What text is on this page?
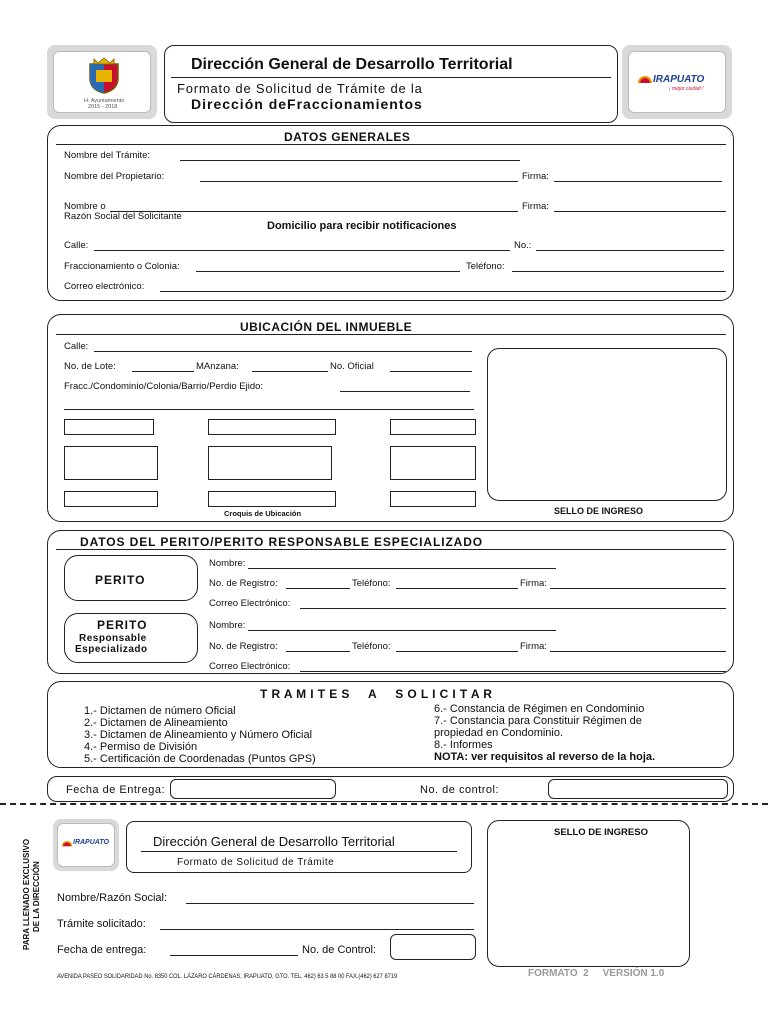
H. Ayuntamiento
2015 - 2018
Dirección General de Desarrollo Territorial
Formato de Solicitud de Trámite de la
Dirección deFraccionamientos
IRAPUATO
¡ mejor ciudad !
DATOS GENERALES
Nombre del Trámite:
Nombre del Propietario:	Firma:
Nombre o	Firma:
Razón Social del Solicitante
Domicilio para recibir notificaciones
Calle:	No.:
Fraccionamiento o Colonia:	Teléfono:
Correo electrónico:
UBICACIÓN DEL INMUEBLE
Calle:
No. de Lote:	MAnzana:	No. Oficial
Fracc./Condominio/Colonia/Barrio/Perdio Ejido:
Croquis de Ubicación	SELLO DE INGRESO
DATOS DEL PERITO/PERITO RESPONSABLE ESPECIALIZADO
PERITO
Nombre:
No. de Registro:	Teléfono:	Firma:
Correo Electrónico:
PERITO
Responsable
Especializado
Nombre:
No. de Registro:	Teléfono:	Firma:
Correo Electrónico:
T R A M I T E S     A     S O L I C I T A R
1.- Dictamen de número Oficial
2.- Dictamen de Alineamiento
3.- Dictamen de Alineamiento y Número Oficial
4.- Permiso de División
5.- Certificación de Coordenadas (Puntos GPS)
6.- Constancia de Régimen en Condominio
7.- Constancia para Constituir Régimen de
propiedad en Condominio.
8.- Informes
NOTA: ver requisitos al reverso de la hoja.
Fecha de Entrega:	No. de control:
PARA LLENADO EXCLUSIVO DE LA DIRECCIÓN
IRAPUATO	Dirección General de Desarrollo Territorial
Formato de Solicitud de Trámite
SELLO DE INGRESO
Nombre/Razón Social:
Trámite solicitado:
Fecha de entrega:	No. de Control:
AVENIDA PASEO SOLIDARIDAD No. 8350 COL. LÁZARO CÁRDENAS, IRAPUATO, GTO. TEL. 462) 63 5 88 00 FAX.(462) 627 8719	FORMATO  2     VERSIÓN 1.0
